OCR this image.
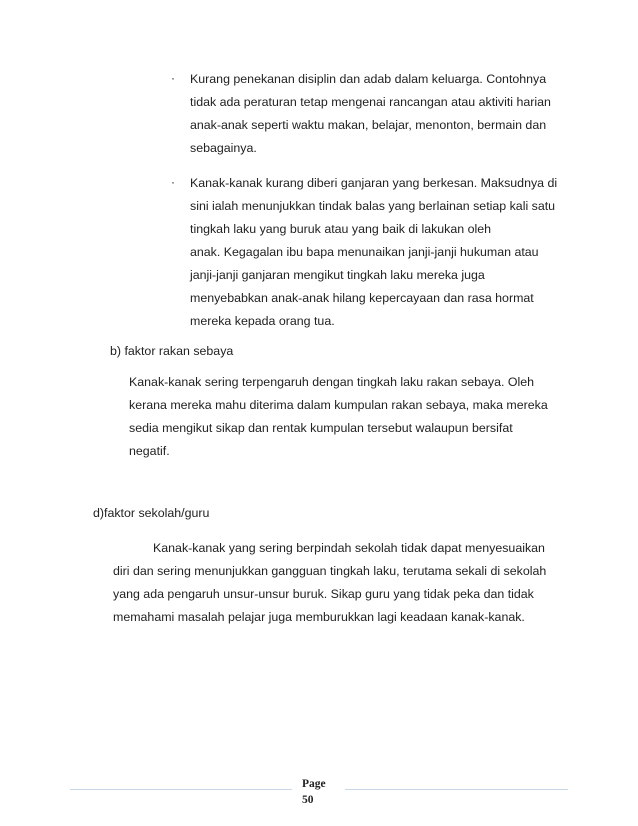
· Kurang penekanan disiplin dan adab dalam keluarga. Contohnya
tidak ada peraturan tetap mengenai rancangan atau aktiviti harian
anak-anak seperti waktu makan, belajar, menonton, bermain dan
sebagainya.
· Kanak-kanak kurang diberi ganjaran yang berkesan. Maksudnya di
sini ialah menunjukkan tindak balas yang berlainan setiap kali satu
tingkah laku yang buruk atau yang baik di lakukan oleh
anak. Kegagalan ibu bapa menunaikan janji-janji hukuman atau
janji-janji ganjaran mengikut tingkah laku mereka juga
menyebabkan anak-anak hilang kepercayaan dan rasa hormat
mereka kepada orang tua.
b) faktor rakan sebaya
Kanak-kanak sering terpengaruh dengan tingkah laku rakan sebaya. Oleh
kerana mereka mahu diterima dalam kumpulan rakan sebaya, maka mereka
sedia mengikut sikap dan rentak kumpulan tersebut walaupun bersifat
negatif.
d)faktor sekolah/guru
Kanak-kanak yang sering berpindah sekolah tidak dapat menyesuaikan
diri dan sering menunjukkan gangguan tingkah laku, terutama sekali di sekolah
yang ada pengaruh unsur-unsur buruk. Sikap guru yang tidak peka dan tidak
memahami masalah pelajar juga memburukkan lagi keadaan kanak-kanak.
Page
50
